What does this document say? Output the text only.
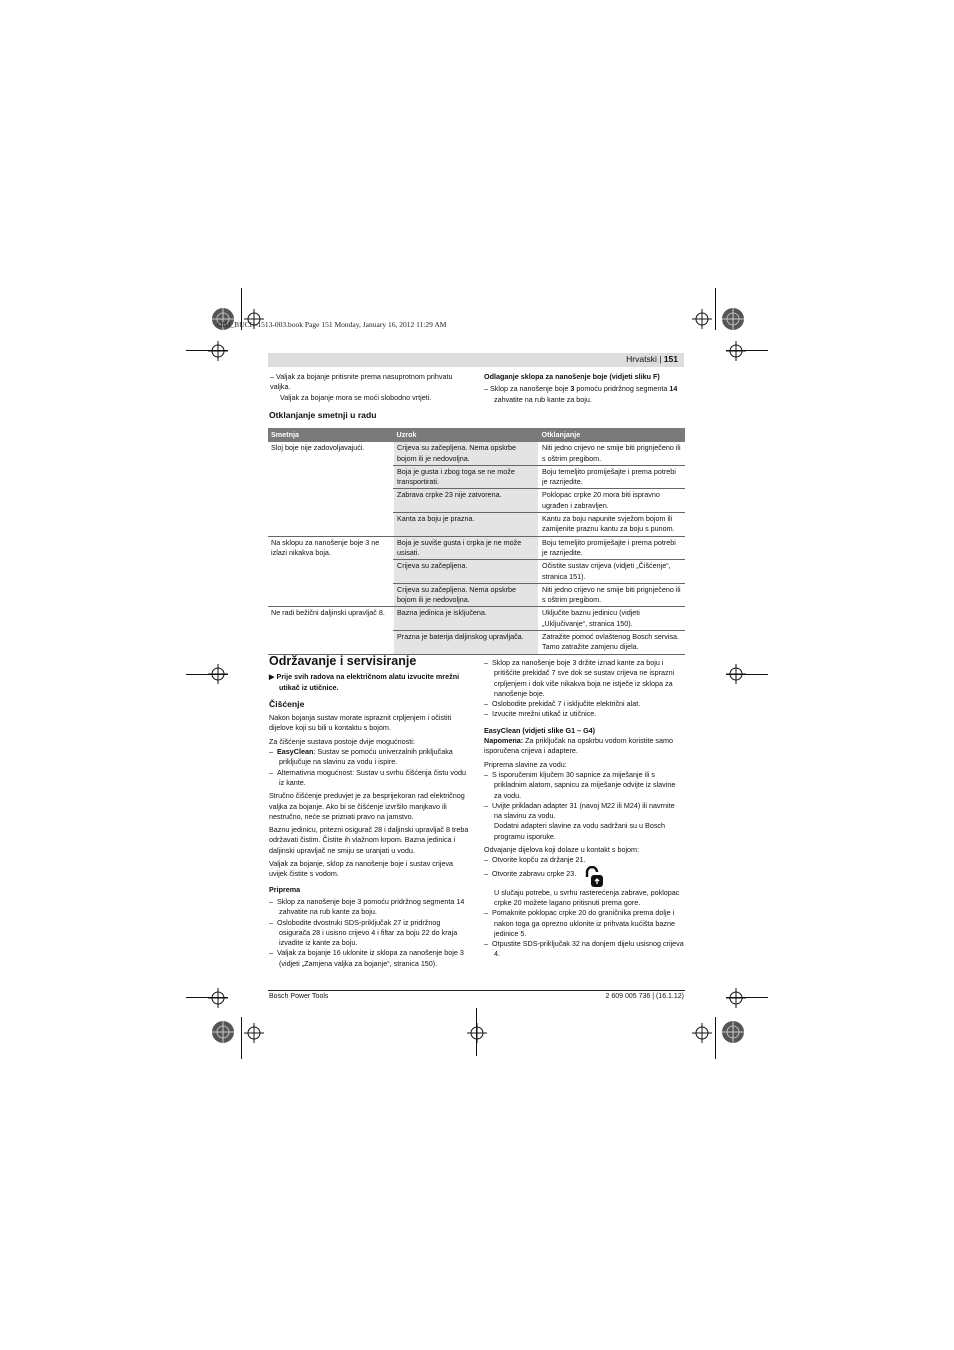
OBJ_BUCH-1513-003.book Page 151 Monday, January 16, 2012 11:29 AM
Hrvatski | 151
– Valjak za bojanje pritisnite prema nasuprotnom prihvatu valjka.
Valjak za bojanje mora se moći slobodno vrtjeti.
Odlaganje sklopa za nanošenje boje (vidjeti sliku F)
– Sklop za nanošenje boje 3 pomoću pridržnog segmenta 14 zahvatite na rub kante za boju.
Otklanjanje smetnji u radu
Smetnja	Uzrok	Otklanjanje
Sloj boje nije zadovoljavajući.	Crijeva su začepljena. Nema opskrbe bojom ili je nedovoljna.	Niti jedno crijevo ne smije biti prignječeno ili s oštrim pregibom.
	Boja je gusta i zbog toga se ne može transportirati.	Boju temeljito promiješajte i prema potrebi je razrijedite.
	Zabrava crpke 23 nije zatvorena.	Poklopac crpke 20 mora biti ispravno ugrađen i zabravljen.
	Kanta za boju je prazna.	Kantu za boju napunite svježom bojom ili zamijenite praznu kantu za boju s punom.
Na sklopu za nanošenje boje 3 ne izlazi nikakva boja.	Boja je suviše gusta i crpka je ne može usisati.	Boju temeljito promiješajte i prema potrebi je razrijedite.
	Crijeva su začepljena.	Očistite sustav crijeva (vidjeti „Čišćenje“, stranica 151).
	Crijeva su začepljena. Nema opskrbe bojom ili je nedovoljna.	Niti jedno crijevo ne smije biti prignječeno ili s oštrim pregibom.
Ne radi bežični daljinski upravljač 8.	Bazna jedinica je isključena.	Uključite baznu jedinicu (vidjeti „Uključivanje“, stranica 150).
	Prazna je baterija daljinskog upravljača.	Zatražite pomoć ovlaštenog Bosch servisa. Tamo zatražite zamjenu dijela.
Održavanje i servisiranje
▶ Prije svih radova na električnom alatu izvucite mrežni utikač iz utičnice.
Čišćenje

Nakon bojanja sustav morate ispraznit crpljenjem i očistiti dijelove koji su bili u kontaktu s bojom.

Za čišćenje sustava postoje dvije mogućnosti:

–  EasyClean: Sustav se pomoću univerzalnih priključaka priključuje na slavinu za vodu i ispire.
–  Alternativna mogućnost: Sustav u svrhu čišćenja čistu vodu iz kante.

Stručno čišćenje preduvjet je za besprijekoran rad električnog valjka za bojanje. Ako bi se čišćenje izvršilo manjkavo ili nestručno, neće se priznati pravo na jamstvo.

Baznu jedinicu, pritezni osigurač 28 i daljinski upravljač 8 treba održavati čistim. Čistite ih vlažnom krpom. Bazna jedinica i daljinski upravljač ne smiju se uranjati u vodu.

Valjak za bojanje, sklop za nanošenje boje i sustav crijeva uvijek čistite s vodom.

Priprema
–  Sklop za nanošenje boje 3 pomoću pridržnog segmenta 14 zahvatite na rub kante za boju.
–  Oslobodite dvostruki SDS-priključak 27 iz pridržnog osigurača 28 i usisno crijevo 4 i filtar za boju 22 do kraja izvadite iz kante za boju.
–  Valjak za bojanje 16 uklonite iz sklopa za nanošenje boje 3 (vidjeti „Zamjena valjka za bojanje“, stranica 150).
–  Sklop za nanošenje boje 3 držite iznad kante za boju i pritišćite prekidač 7 sve dok se sustav crijeva ne isprazni crpljenjem i dok više nikakva boja ne istječe iz sklopa za nanošenje boje.
–  Oslobodite prekidač 7 i isključite električni alat.
–  Izvucite mrežni utikač iz utičnice.
EasyClean (vidjeti slike G1 – G4)

Napomena: Za priključak na opskrbu vodom koristite samo isporučena crijeva i adaptere.

Priprema slavine za vodu:

–  S isporučenim ključem 30 sapnice za miješanje ili s prikladnim alatom, sapnicu za miješanje odvijte iz slavine za vodu.
–  Uvijte prikladan adapter 31 (navoj M22 ili M24) ili navrnite na slavinu za vodu.
Dodatni adapteri slavine za vodu sadržani su u Bosch programu isporuke.

Odvajanje dijelova koji dolaze u kontakt s bojom:

–  Otvorite kopču za držanje 21.
–  Otvorite zabravu crpke 23.
U slučaju potrebe, u svrhu rasterećenja zabrave, poklopac crpke 20 možete lagano pritisnuti prema gore.
–  Pomaknite poklopac crpke 20 do graničnika prema dolje i nakon toga ga oprezno uklonite iz prihvata kućišta bazne jedinice 5.
–  Otpustite SDS-priključak 32 na donjem dijelu usisnog crijeva 4.
Bosch Power Tools	2 609 005 736 | (16.1.12)
